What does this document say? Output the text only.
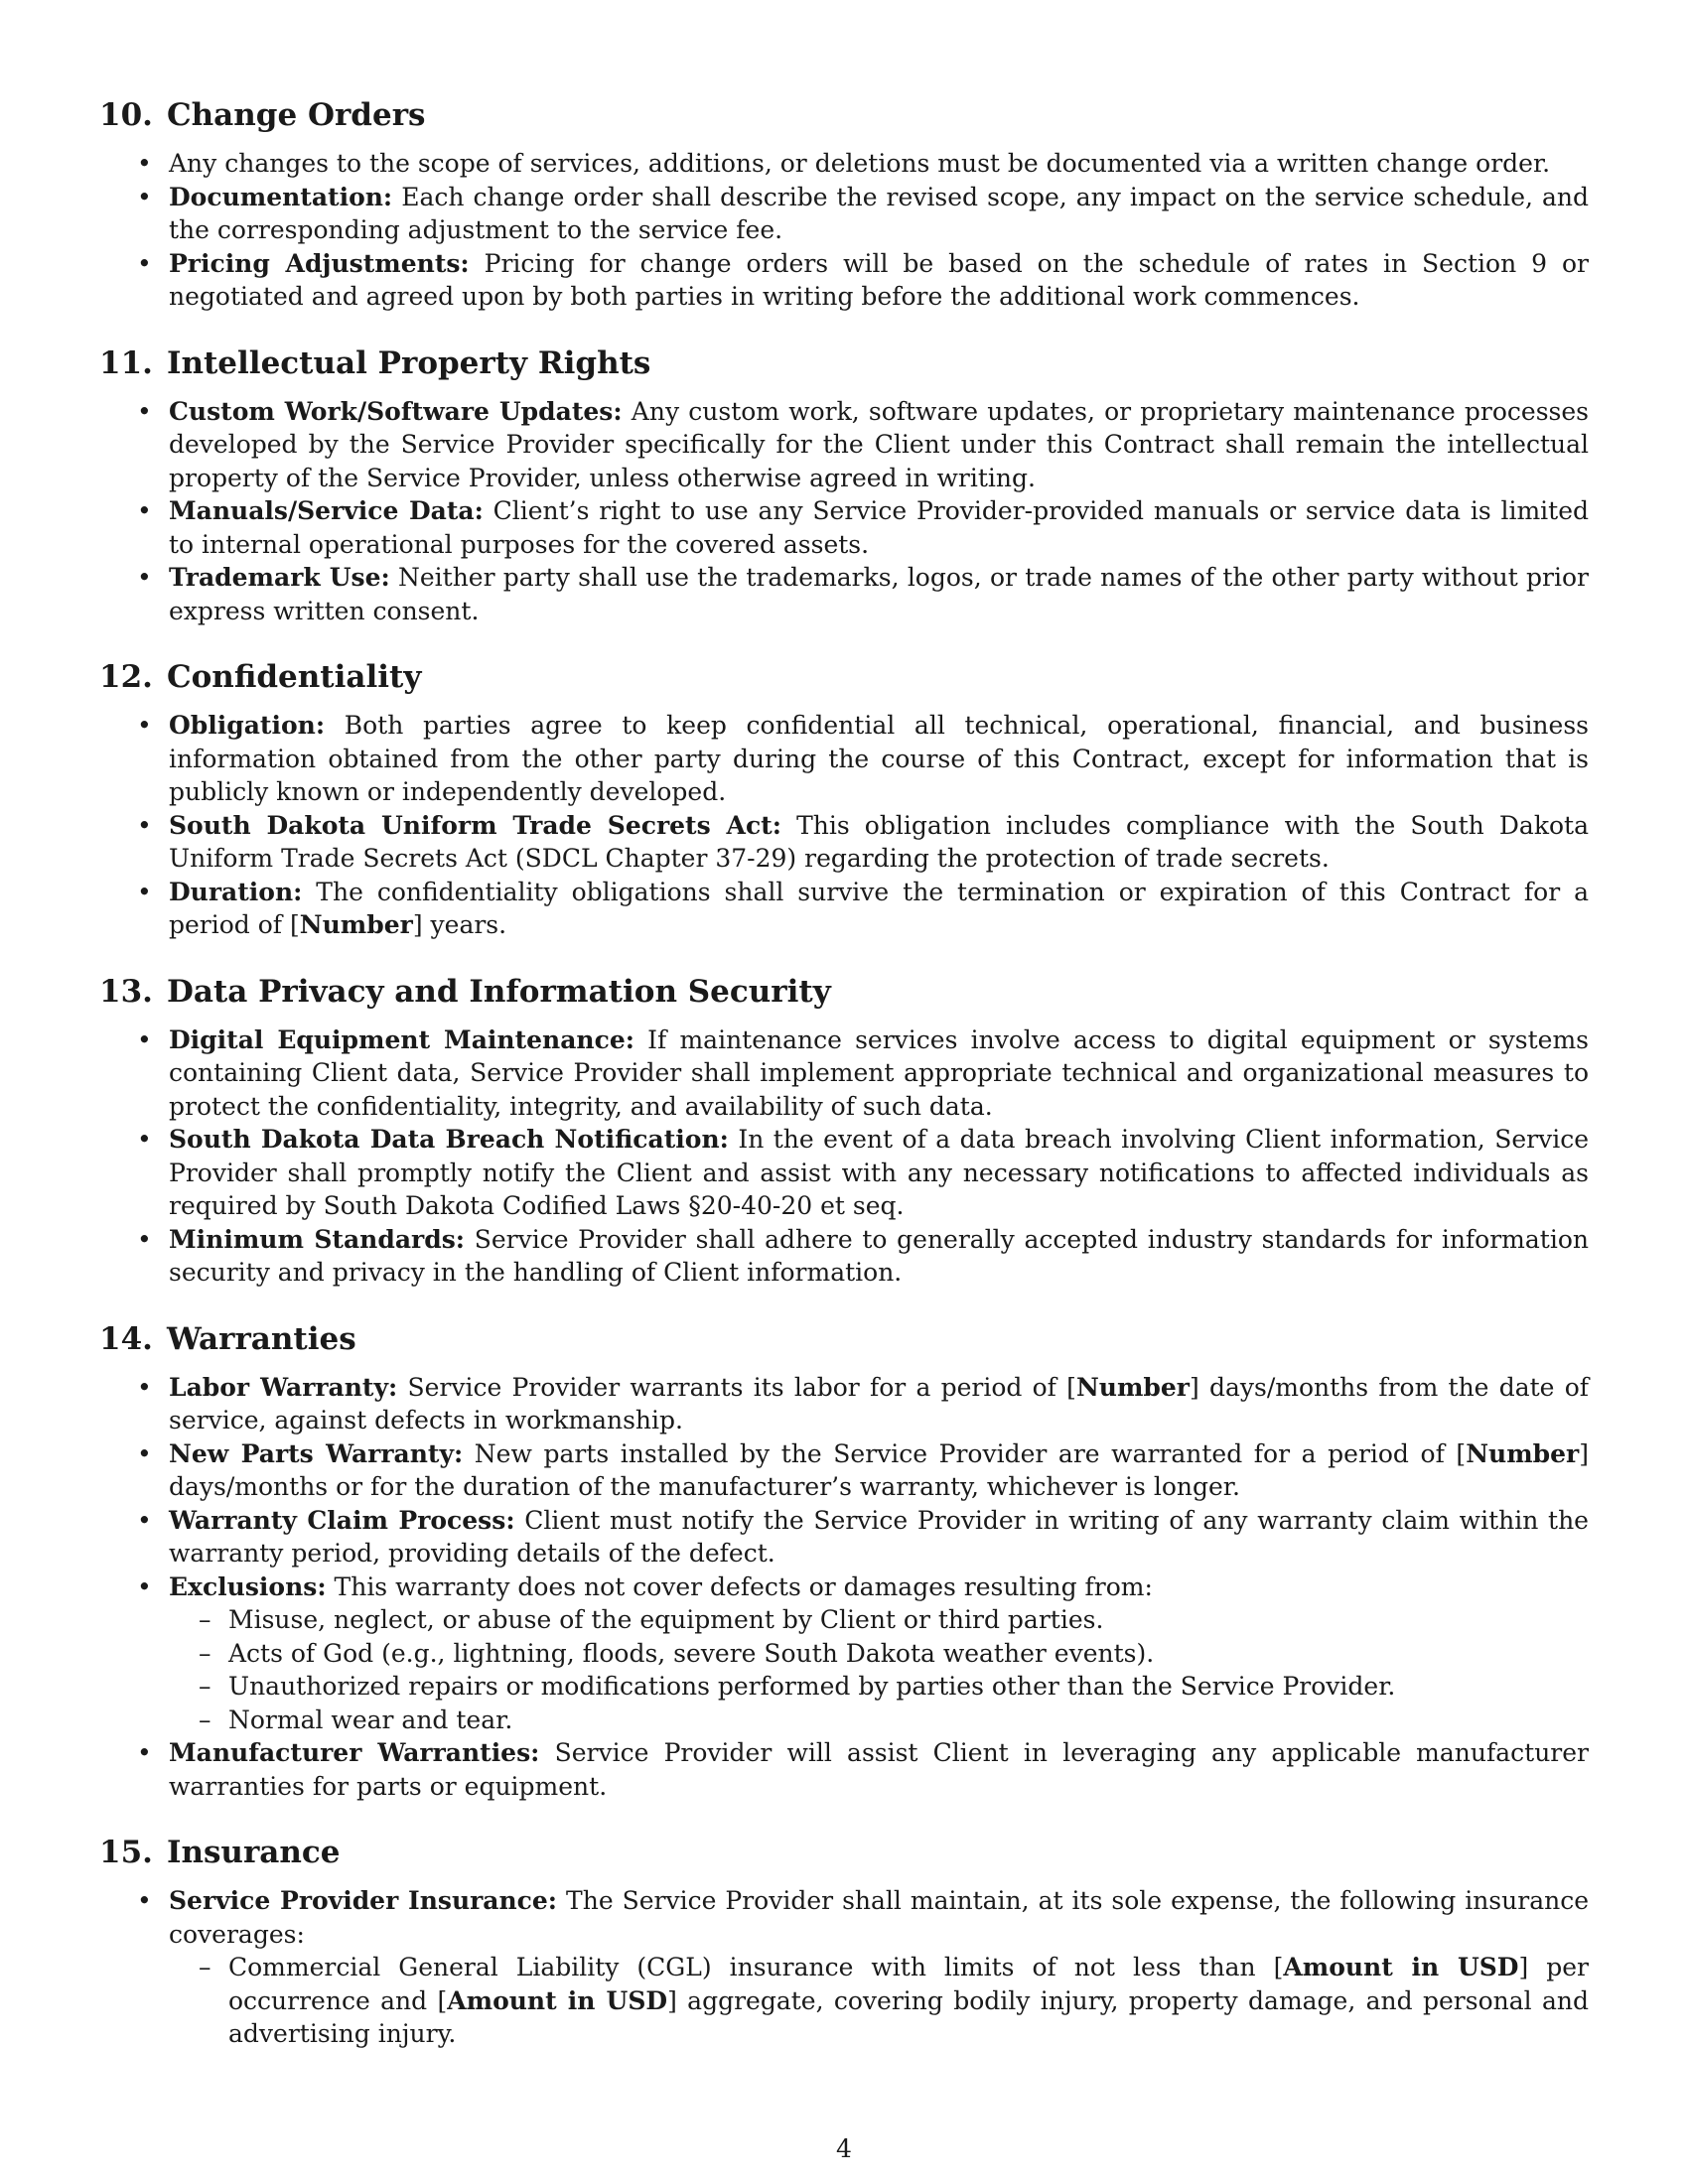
10. Change Orders
• Any changes to the scope of services, additions, or deletions must be documented via a written change order.
• Documentation: Each change order shall describe the revised scope, any impact on the service schedule, and the corresponding adjustment to the service fee.
• Pricing Adjustments: Pricing for change orders will be based on the schedule of rates in Section 9 or negotiated and agreed upon by both parties in writing before the additional work commences.
11. Intellectual Property Rights
• Custom Work/Software Updates: Any custom work, software updates, or proprietary maintenance processes developed by the Service Provider specifically for the Client under this Contract shall remain the intellectual property of the Service Provider, unless otherwise agreed in writing.
• Manuals/Service Data: Client’s right to use any Service Provider-provided manuals or service data is limited to internal operational purposes for the covered assets.
• Trademark Use: Neither party shall use the trademarks, logos, or trade names of the other party without prior express written consent.
12. Confidentiality
• Obligation: Both parties agree to keep confidential all technical, operational, financial, and business information obtained from the other party during the course of this Contract, except for information that is publicly known or independently developed.
• South Dakota Uniform Trade Secrets Act: This obligation includes compliance with the South Dakota Uniform Trade Secrets Act (SDCL Chapter 37-29) regarding the protection of trade secrets.
• Duration: The confidentiality obligations shall survive the termination or expiration of this Contract for a period of [Number] years.
13. Data Privacy and Information Security
• Digital Equipment Maintenance: If maintenance services involve access to digital equipment or systems containing Client data, Service Provider shall implement appropriate technical and organizational measures to protect the confidentiality, integrity, and availability of such data.
• South Dakota Data Breach Notification: In the event of a data breach involving Client information, Service Provider shall promptly notify the Client and assist with any necessary notifications to affected individuals as required by South Dakota Codified Laws §20-40-20 et seq.
• Minimum Standards: Service Provider shall adhere to generally accepted industry standards for information security and privacy in the handling of Client information.
14. Warranties
• Labor Warranty: Service Provider warrants its labor for a period of [Number] days/months from the date of service, against defects in workmanship.
• New Parts Warranty: New parts installed by the Service Provider are warranted for a period of [Number] days/months or for the duration of the manufacturer’s warranty, whichever is longer.
• Warranty Claim Process: Client must notify the Service Provider in writing of any warranty claim within the warranty period, providing details of the defect.
• Exclusions: This warranty does not cover defects or damages resulting from:
– Misuse, neglect, or abuse of the equipment by Client or third parties.
– Acts of God (e.g., lightning, floods, severe South Dakota weather events).
– Unauthorized repairs or modifications performed by parties other than the Service Provider.
– Normal wear and tear.
• Manufacturer Warranties: Service Provider will assist Client in leveraging any applicable manufacturer warranties for parts or equipment.
15. Insurance
• Service Provider Insurance: The Service Provider shall maintain, at its sole expense, the following insurance coverages:
– Commercial General Liability (CGL) insurance with limits of not less than [Amount in USD] per occurrence and [Amount in USD] aggregate, covering bodily injury, property damage, and personal and advertising injury.
4
